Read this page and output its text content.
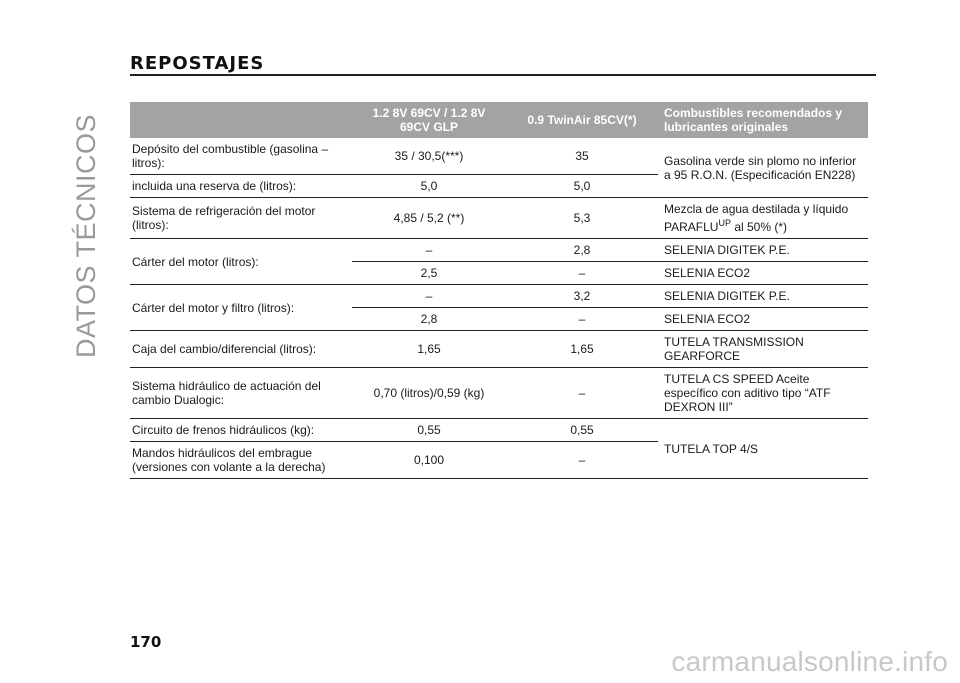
DATOS TÉCNICOS
REPOSTAJES
	1.2 8V 69CV / 1.2 8V 69CV GLP	0.9 TwinAir 85CV(*)	Combustibles recomendados y lubricantes originales
Depósito del combustible (gasolina – litros):	35 / 30,5(***)	35	Gasolina verde sin plomo no inferior a 95 R.O.N. (Especificación EN228)
incluida una reserva de (litros):	5,0	5,0	
Sistema de refrigeración del motor (litros):	4,85 / 5,2 (**)	5,3	Mezcla de agua destilada y líquido $PARAFLU^{UP}$ al 50% (*)
Cárter del motor (litros):	–	2,8	SELENIA DIGITEK P.E.
	2,5	–	SELENIA ECO2
Cárter del motor y filtro (litros):	–	3,2	SELENIA DIGITEK P.E.
	2,8	–	SELENIA ECO2
Caja del cambio/diferencial (litros):	1,65	1,65	TUTELA TRANSMISSION GEARFORCE
Sistema hidráulico de actuación del cambio Dualogic:	0,70 (litros)/0,59 (kg)	–	TUTELA CS SPEED Aceite específico con aditivo tipo “ATF DEXRON III”
Circuito de frenos hidráulicos (kg):	0,55	0,55	TUTELA TOP 4/S
Mandos hidráulicos del embrague (versiones con volante a la derecha)	0,100	–	
170
carmanualsonline.info
